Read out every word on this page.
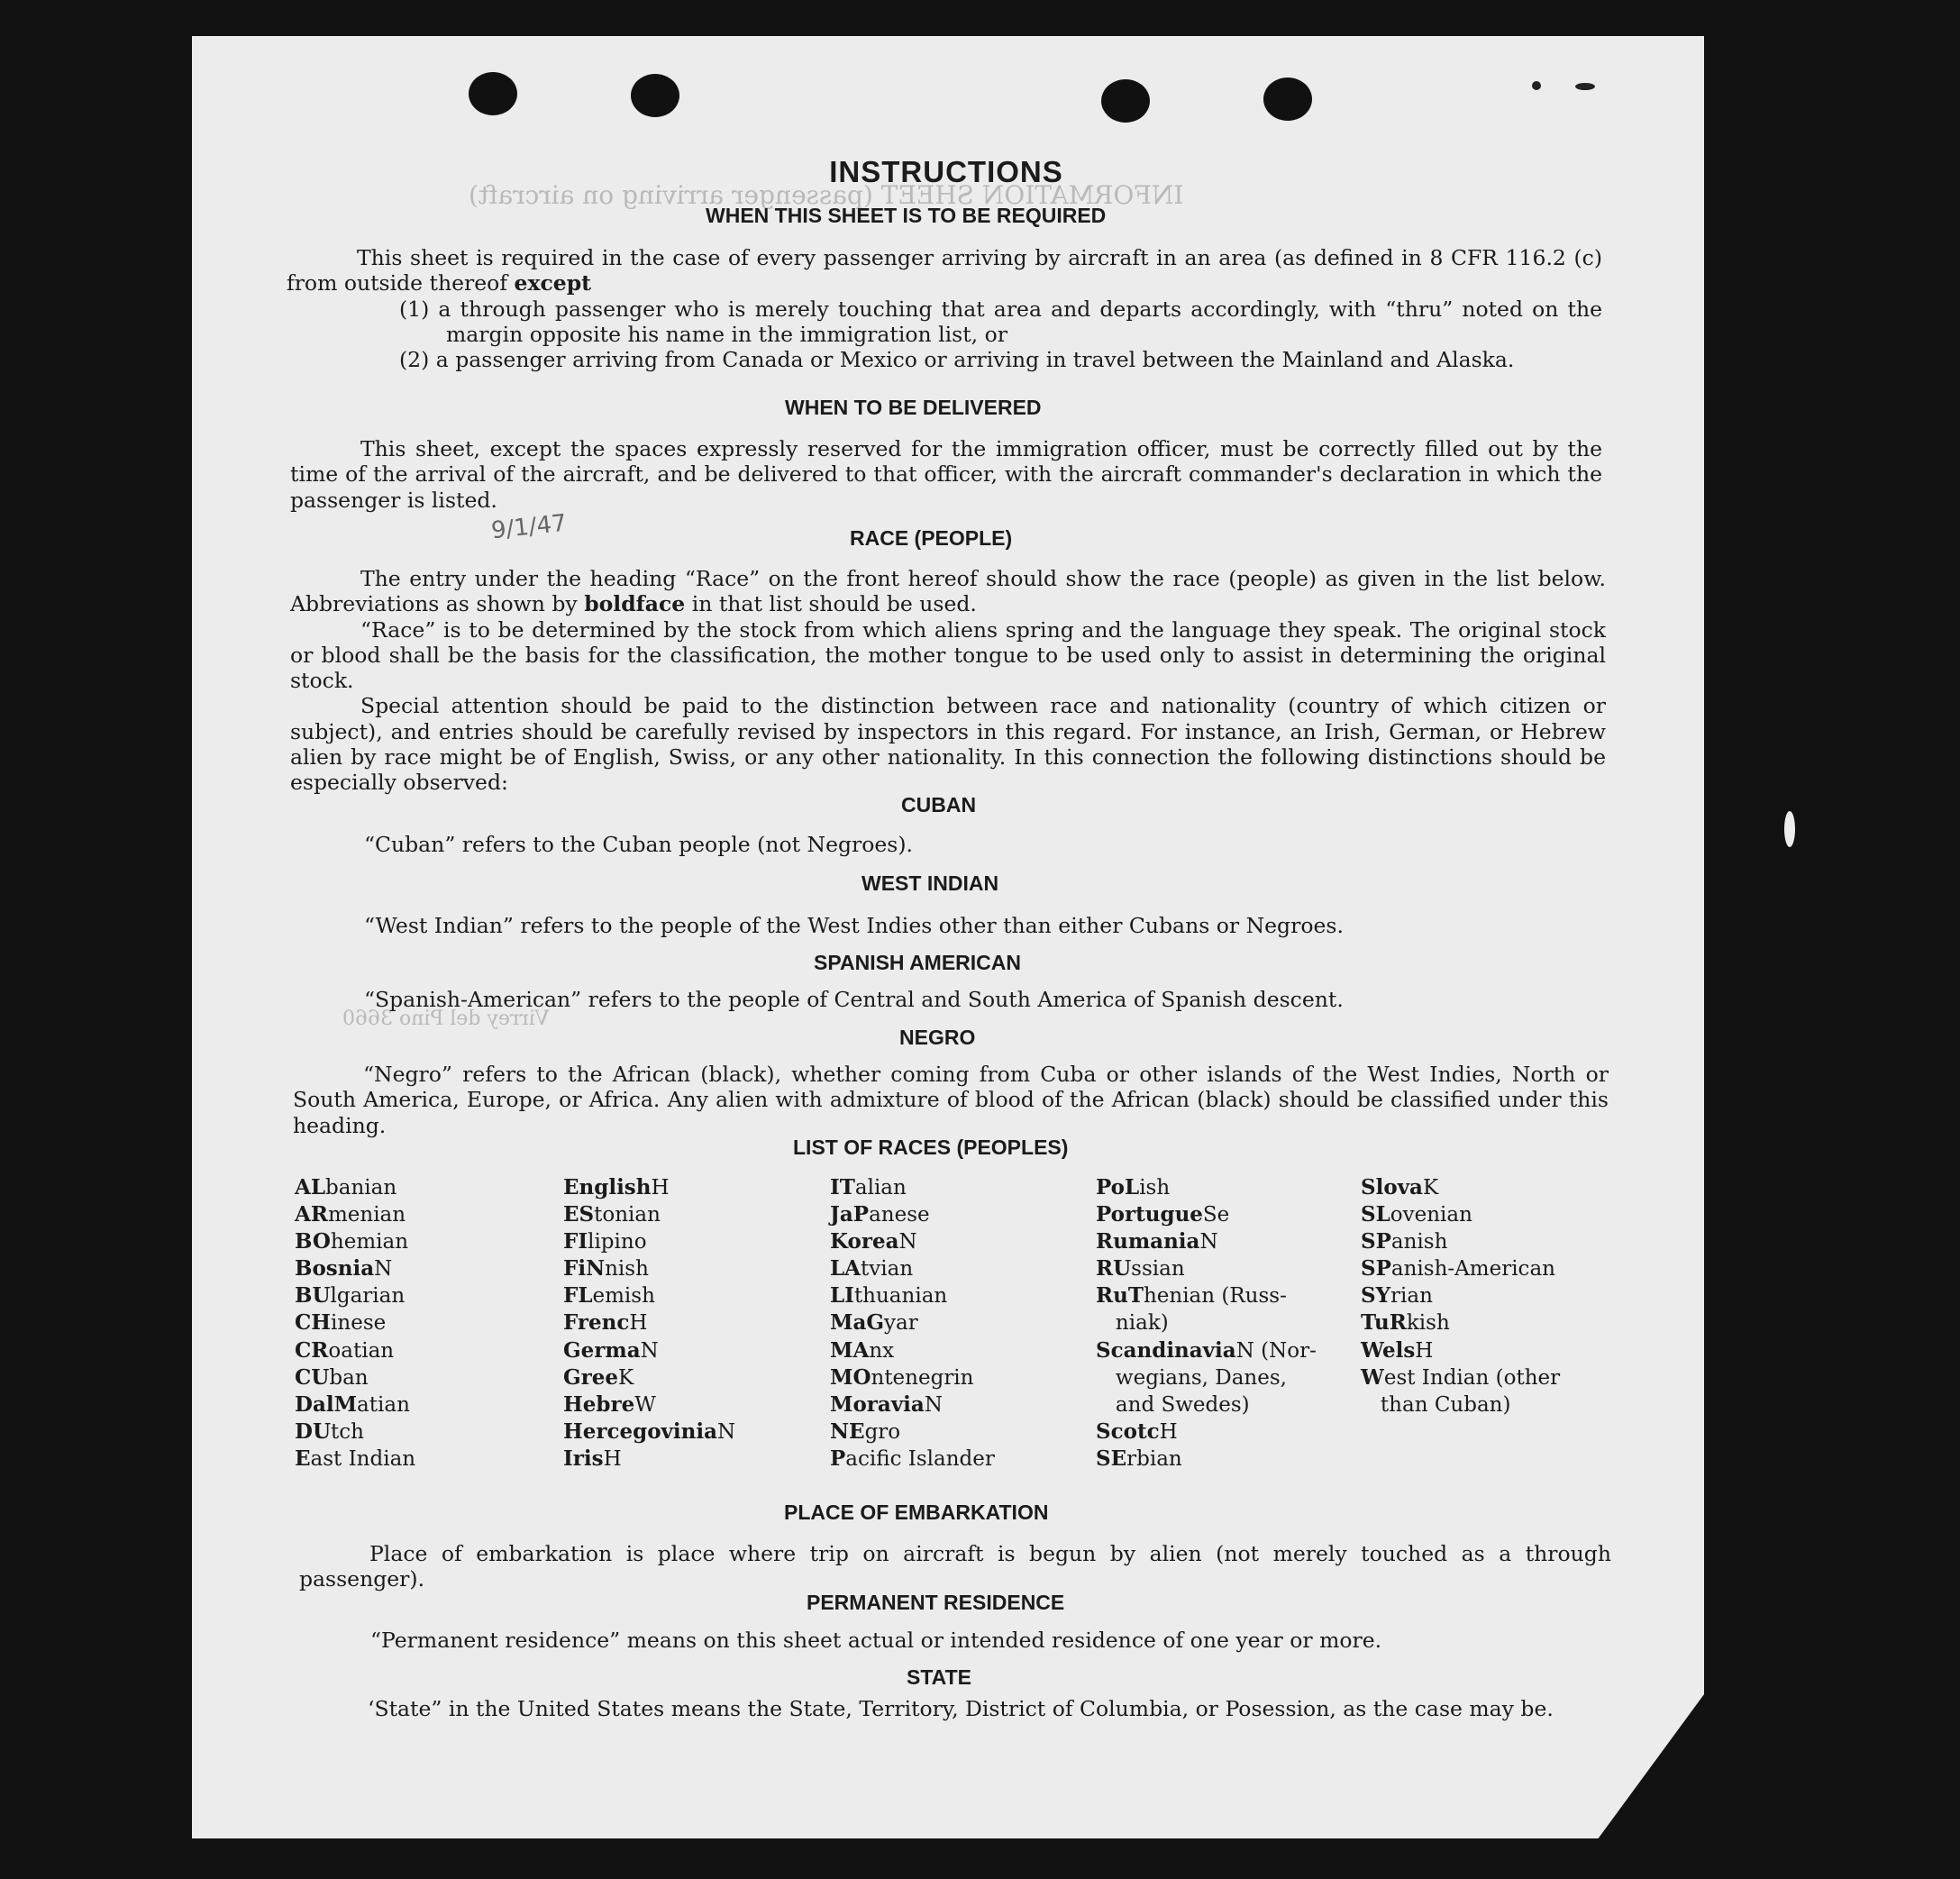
INFORMATION SHEET (passenger arriving on aircraft)
Virrey del Pino 3660
9/1/47
INSTRUCTIONS
WHEN THIS SHEET IS TO BE REQUIRED

This sheet is required in the case of every passenger arriving by aircraft in an area (as defined in 8 CFR 116.2 (c) from outside thereof except

(1) a through passenger who is merely touching that area and departs accordingly, with “thru” noted on the margin opposite his name in the immigration list, or
(2) a passenger arriving from Canada or Mexico or arriving in travel between the Mainland and Alaska.

WHEN TO BE DELIVERED

This sheet, except the spaces expressly reserved for the immigration officer, must be correctly filled out by the time of the arrival of the aircraft, and be delivered to that officer, with the aircraft commander's declaration in which the passenger is listed.

RACE (PEOPLE)

The entry under the heading “Race” on the front hereof should show the race (people) as given in the list below. Abbreviations as shown by boldface in that list should be used.

“Race” is to be determined by the stock from which aliens spring and the language they speak. The original stock or blood shall be the basis for the classification, the mother tongue to be used only to assist in determining the original stock.

Special attention should be paid to the distinction between race and nationality (country of which citizen or subject), and entries should be carefully revised by inspectors in this regard. For instance, an Irish, German, or Hebrew alien by race might be of English, Swiss, or any other nationality. In this connection the following distinctions should be especially observed:

CUBAN
“Cuban” refers to the Cuban people (not Negroes).
WEST INDIAN
“West Indian” refers to the people of the West Indies other than either Cubans or Negroes.
SPANISH AMERICAN
“Spanish-American” refers to the people of Central and South America of Spanish descent.
NEGRO

“Negro” refers to the African (black), whether coming from Cuba or other islands of the West Indies, North or South America, Europe, or Africa. Any alien with admixture of blood of the African (black) should be classified under this heading.

LIST OF RACES (PEOPLES)
ALbanian
ARmenian
BOhemian
BosniaN
BUlgarian
CHinese
CRoatian
CUban
DalMatian
DUtch
East Indian
EnglishH
EStonian
FIlipino
FiNnish
FLemish
FrencH
GermaN
GreeK
HebreW
HercegoviniaN
IrisH
ITalian
JaPanese
KoreaN
LAtvian
LIthuanian
MaGyar
MAnx
MOntenegrin
MoraviaN
NEgro
Pacific Islander
PoLish
PortugueSe
RumaniaN
RUssian
RuThenian (Russ-
niak)
ScandinaviaN (Nor-
wegians, Danes,
and Swedes)
ScotcH
SErbian
SlovaK
SLovenian
SPanish
SPanish-American
SYrian
TuRkish
WelsH
West Indian (other
than Cuban)
PLACE OF EMBARKATION

Place of embarkation is place where trip on aircraft is begun by alien (not merely touched as a through passenger).

PERMANENT RESIDENCE
“Permanent residence” means on this sheet actual or intended residence of one year or more.
STATE

‘State” in the United States means the State, Territory, District of Columbia, or Posession, as the case may be.
